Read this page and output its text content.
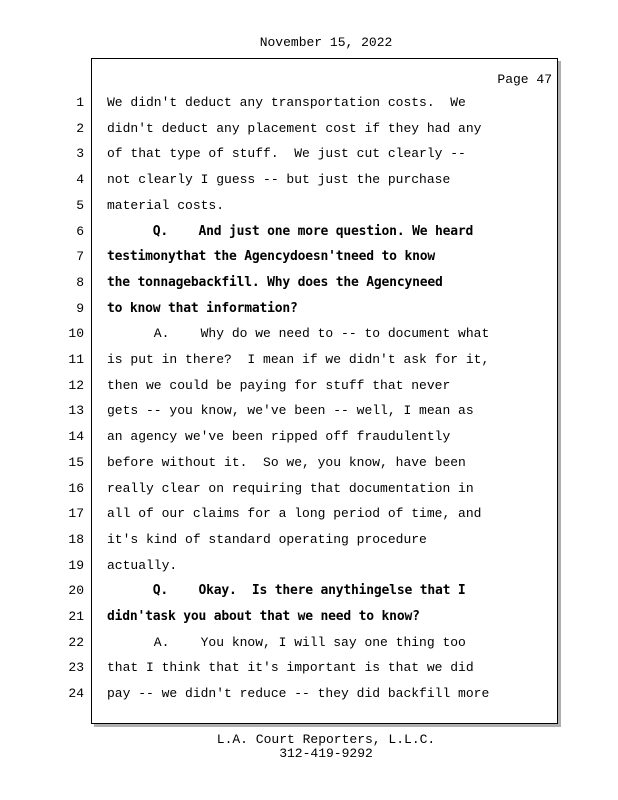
November 15, 2022
Page 47
1 We didn't deduct any transportation costs.  We
2 didn't deduct any placement cost if they had any
3 of that type of stuff.  We just cut clearly --
4 not clearly I guess -- but just the purchase
5 material costs.
6 Q.    And just one more question. We heard
7 testimonythat the Agencydoesn'tneed to know
8 the tonnagebackfill. Why does the Agencyneed
9 to know that information?
10 A.    Why do we need to -- to document what
11 is put in there?  I mean if we didn't ask for it,
12 then we could be paying for stuff that never
13 gets -- you know, we've been -- well, I mean as
14 an agency we've been ripped off fraudulently
15 before without it.  So we, you know, have been
16 really clear on requiring that documentation in
17 all of our claims for a long period of time, and
18 it's kind of standard operating procedure
19 actually.
20 Q.    Okay.  Is there anythingelse that I
21 didn'task you about that we need to know?
22 A.    You know, I will say one thing too
23 that I think that it's important is that we did
24 pay -- we didn't reduce -- they did backfill more
L.A. Court Reporters, L.L.C.
312-419-9292
